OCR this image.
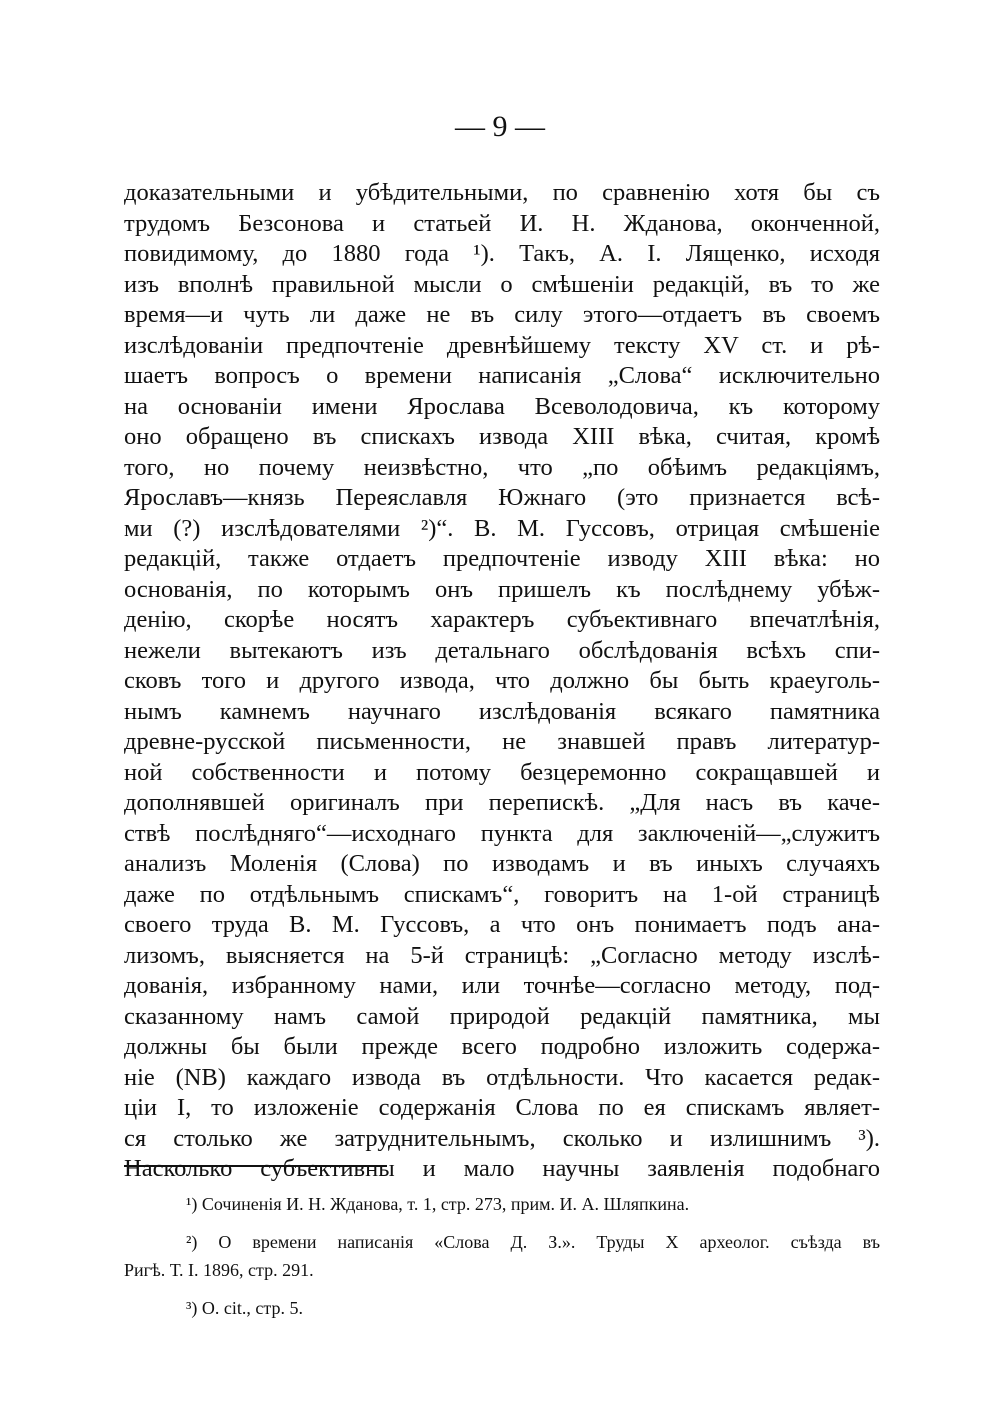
— 9 —
доказательными и убѣдительными, по сравненію хотя бы съ
трудомъ Безсонова и статьей И. Н. Жданова, оконченной,
повидимому, до 1880 года ¹). Такъ, А. I. Лященко, исходя
изъ вполнѣ правильной мысли о смѣшеніи редакцій, въ то же
время—и чуть ли даже не въ силу этого—отдаетъ въ своемъ
изслѣдованіи предпочтеніе древнѣйшему тексту XV ст. и рѣ-
шаетъ вопросъ о времени написанія „Слова“ исключительно
на основаніи имени Ярослава Всеволодовича, къ которому
оно обращено въ спискахъ извода XIII вѣка, считая, кромѣ
того, но почему неизвѣстно, что „по обѣимъ редакціямъ,
Ярославъ—князь Переяславля Южнаго (это признается всѣ-
ми (?) изслѣдователями ²)“. В. М. Гуссовъ, отрицая смѣшеніе
редакцій, также отдаетъ предпочтеніе изводу XIII вѣка: но
основанія, по которымъ онъ пришелъ къ послѣднему убѣж-
денію, скорѣе носятъ характеръ субъективнаго впечатлѣнія,
нежели вытекаютъ изъ детальнаго обслѣдованія всѣхъ спи-
сковъ того и другого извода, что должно бы быть краеуголь-
нымъ камнемъ научнаго изслѣдованія всякаго памятника
древне-русской письменности, не знавшей правъ литератур-
ной собственности и потому безцеремонно сокращавшей и
дополнявшей оригиналъ при перепискѣ. „Для насъ въ каче-
ствѣ послѣдняго“—исходнаго пункта для заключеній—„служитъ
анализъ Моленія (Слова) по изводамъ и въ иныхъ случаяхъ
даже по отдѣльнымъ спискамъ“, говоритъ на 1-ой страницѣ
своего труда В. М. Гуссовъ, а что онъ понимаетъ подъ ана-
лизомъ, выясняется на 5-й страницѣ: „Согласно методу изслѣ-
дованія, избранному нами, или точнѣе—согласно методу, под-
сказанному намъ самой природой редакцій памятника, мы
должны бы были прежде всего подробно изложить содержа-
ніе (NB) каждаго извода въ отдѣльности. Что касается редак-
ціи I, то изложеніе содержанія Слова по ея спискамъ являет-
ся столько же затруднительнымъ, сколько и излишнимъ ³).
Насколько субъективны и мало научны заявленія подобнаго
¹) Сочиненія И. Н. Жданова, т. 1, стр. 273, прим. И. А. Шляпкина.
²) О времени написанія «Слова Д. З.». Труды X археолог. съѣзда въ
Ригѣ. Т. I. 1896, стр. 291.
³) O. cit., стр. 5.
